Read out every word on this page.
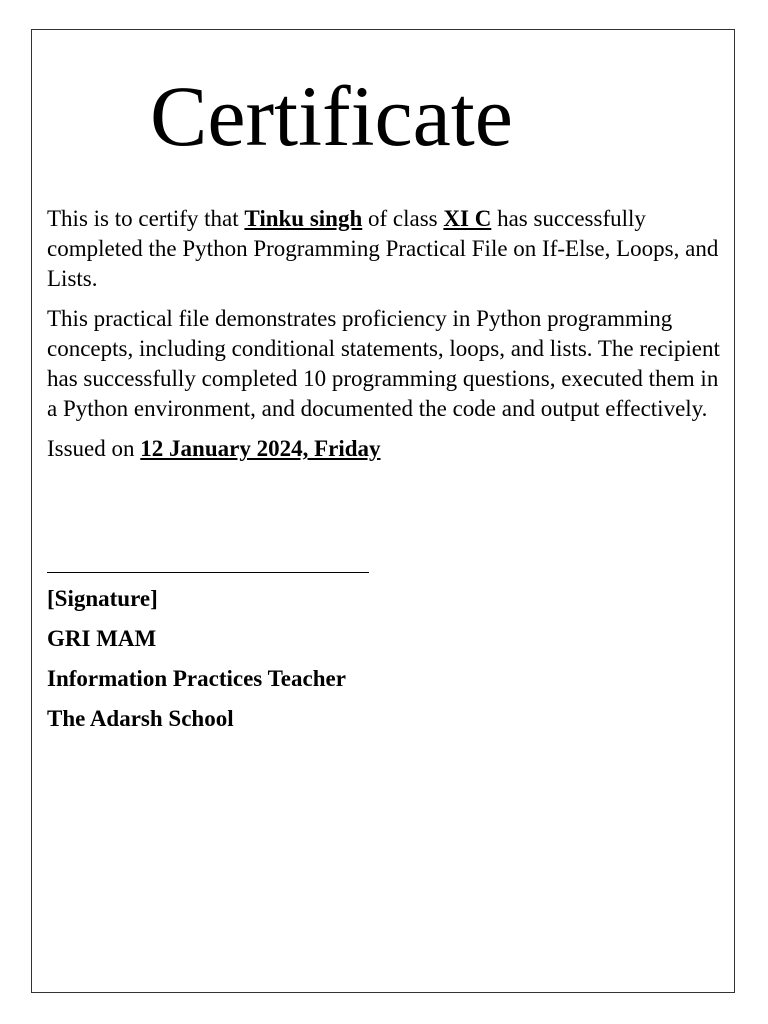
Certificate

This is to certify that Tinku singh of class XI C has successfully completed the Python Programming Practical File on If-Else, Loops, and Lists.

This practical file demonstrates proficiency in Python programming concepts, including conditional statements, loops, and lists. The recipient has successfully completed 10 programming questions, executed them in a Python environment, and documented the code and output effectively.

Issued on 12 January 2024, Friday

[Signature]
GRI MAM
Information Practices Teacher
The Adarsh School
